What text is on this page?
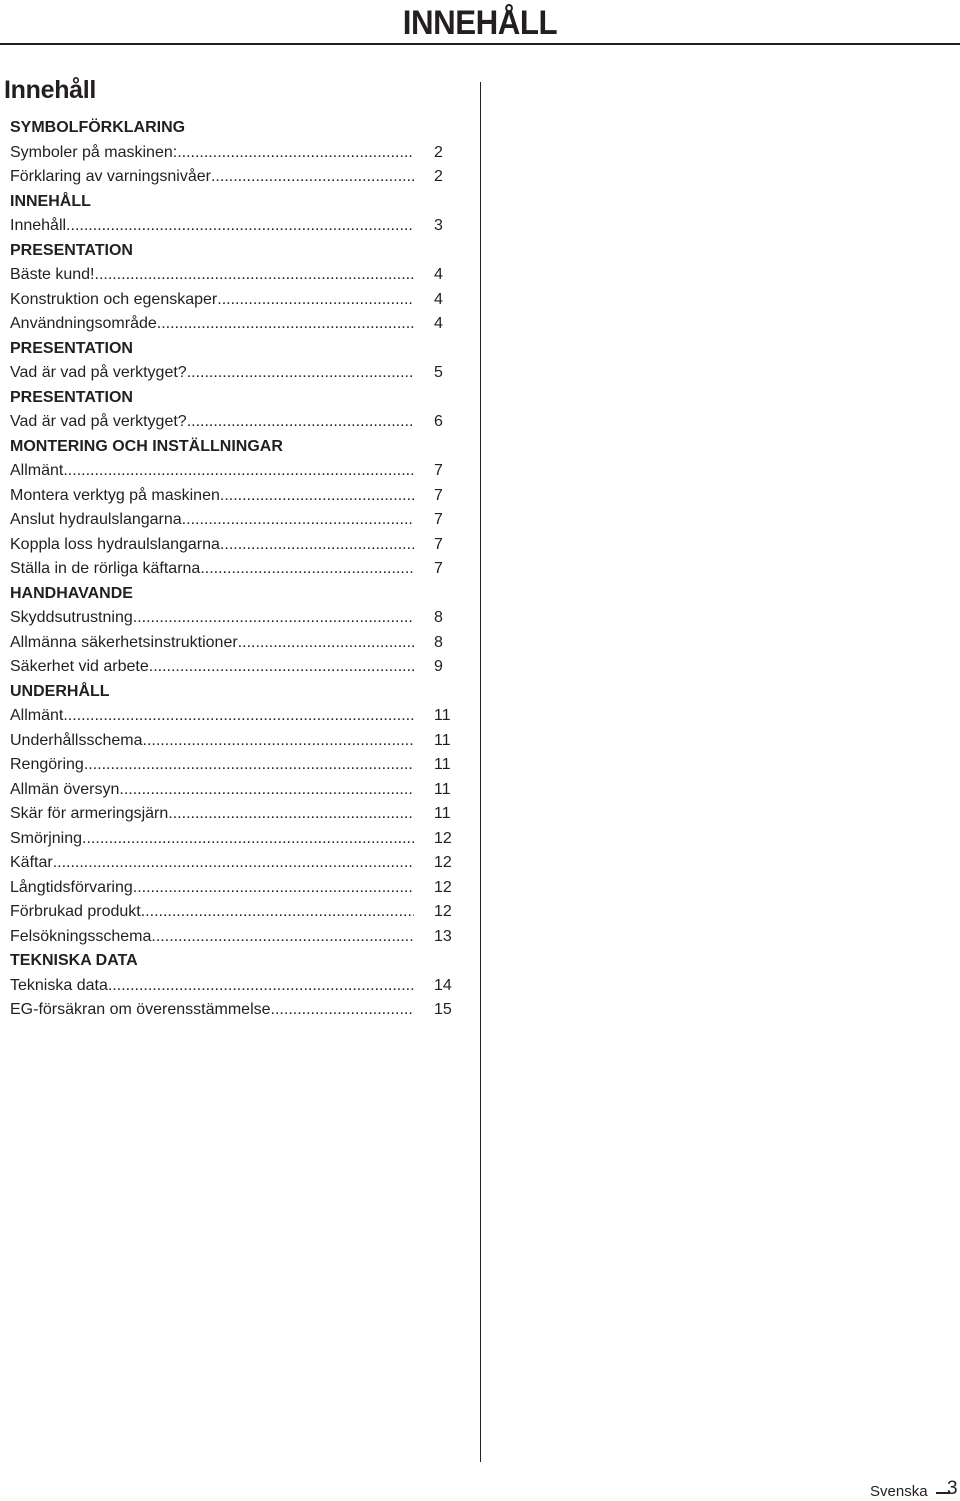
INNEHÅLL
Innehåll
SYMBOLFÖRKLARING
Symboler på maskinen: .....	2
Förklaring av varningsnivåer .....	2
INNEHÅLL
Innehåll .....	3
PRESENTATION
Bäste kund! .....	4
Konstruktion och egenskaper .....	4
Användningsområde .....	4
PRESENTATION
Vad är vad på verktyget? .....	5
PRESENTATION
Vad är vad på verktyget? .....	6
MONTERING OCH INSTÄLLNINGAR
Allmänt .....	7
Montera verktyg på maskinen .....	7
Anslut hydraulslangarna .....	7
Koppla loss hydraulslangarna .....	7
Ställa in de rörliga käftarna .....	7
HANDHAVANDE
Skyddsutrustning .....	8
Allmänna säkerhetsinstruktioner .....	8
Säkerhet vid arbete .....	9
UNDERHÅLL
Allmänt .....	11
Underhållsschema .....	11
Rengöring .....	11
Allmän översyn .....	11
Skär för armeringsjärn .....	11
Smörjning .....	12
Käftar .....	12
Långtidsförvaring .....	12
Förbrukad produkt .....	12
Felsökningsschema .....	13
TEKNISKA DATA
Tekniska data .....	14
EG-försäkran om överensstämmelse .....	15
Svenska 3
